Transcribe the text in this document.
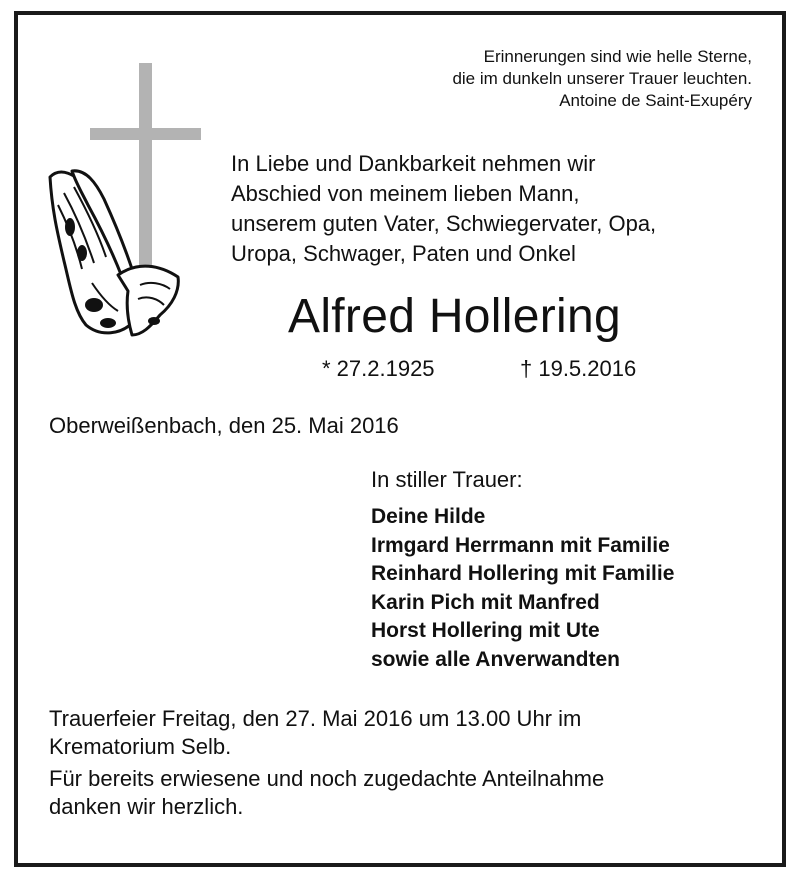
Erinnerungen sind wie helle Sterne,
die im dunkeln unserer Trauer leuchten.
Antoine de Saint-Exupéry
In Liebe und Dankbarkeit nehmen wir
Abschied von meinem lieben Mann,
unserem guten Vater, Schwiegervater, Opa,
Uropa, Schwager, Paten und Onkel
Alfred Hollering
* 27.2.1925	† 19.5.2016
Oberweißenbach, den 25. Mai 2016
In stiller Trauer:
Deine Hilde
Irmgard Herrmann mit Familie
Reinhard Hollering mit Familie
Karin Pich mit Manfred
Horst Hollering mit Ute
sowie alle Anverwandten
Trauerfeier Freitag, den 27. Mai 2016 um 13.00 Uhr im
Krematorium Selb.
Für bereits erwiesene und noch zugedachte Anteilnahme
danken wir herzlich.
